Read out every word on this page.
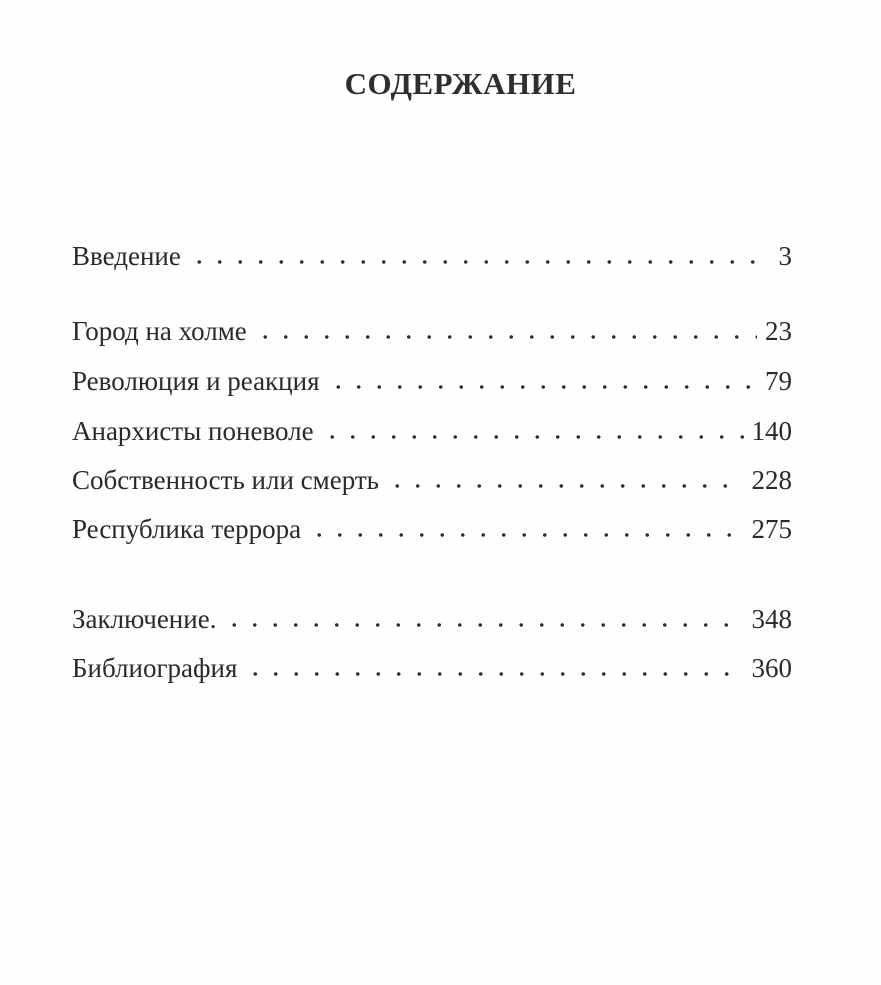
СОДЕРЖАНИЕ
Введение	3
Город на холме	23
Революция и реакция	79
Анархисты поневоле	140
Собственность или смерть	228
Республика террора	275
Заключение.	348
Библиография	360
